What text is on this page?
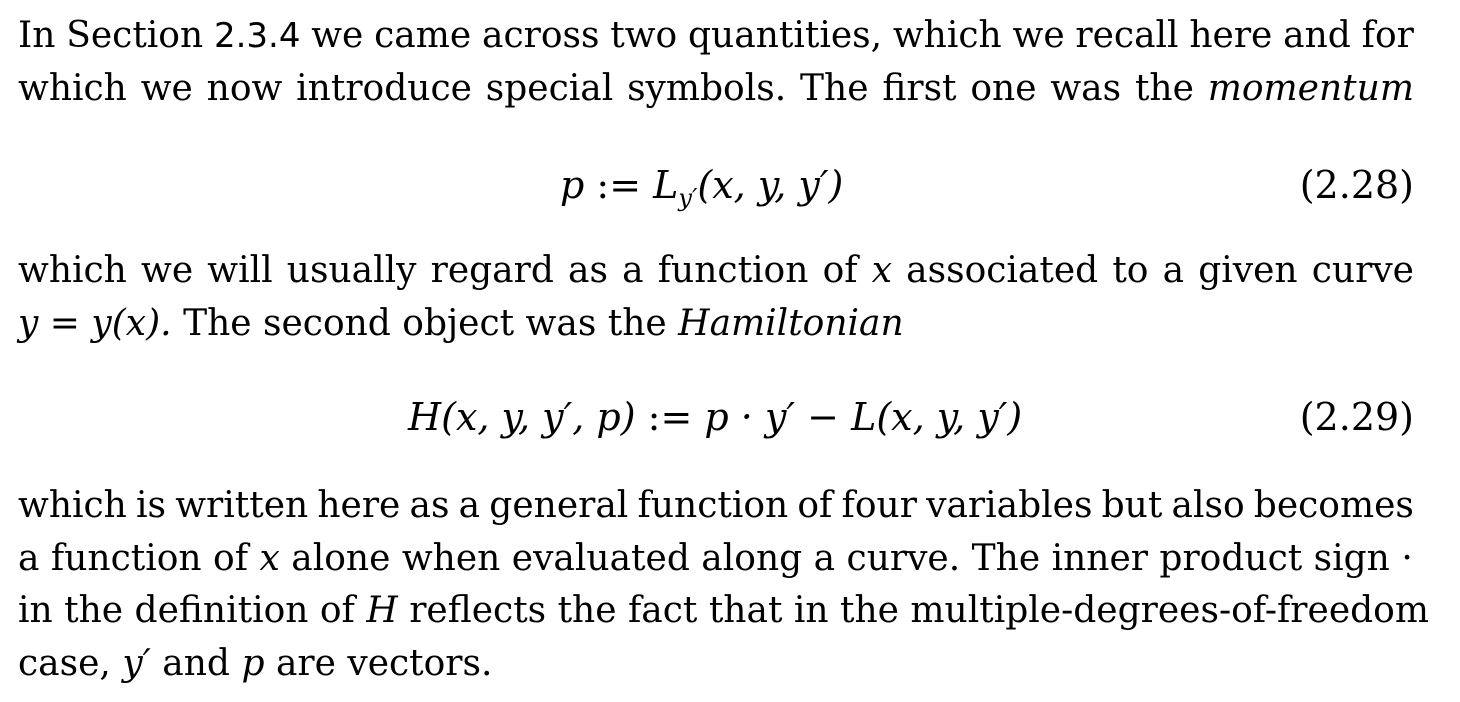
In Section 2.3.4 we came across two quantities, which we recall here and for
which we now introduce special symbols. The first one was the momentum
p := $L_{y'}(x$, y, y′)	(2.28)
which we will usually regard as a function of x associated to a given curve
y = y(x). The second object was the Hamiltonian
H(x, y, y′, p) := p · y′ − L(x, y, y′)	(2.29)
which is written here as a general function of four variables but also becomes
a function of x alone when evaluated along a curve. The inner product sign ·
in the definition of H reflects the fact that in the multiple-degrees-of-freedom
case, y′ and p are vectors.
